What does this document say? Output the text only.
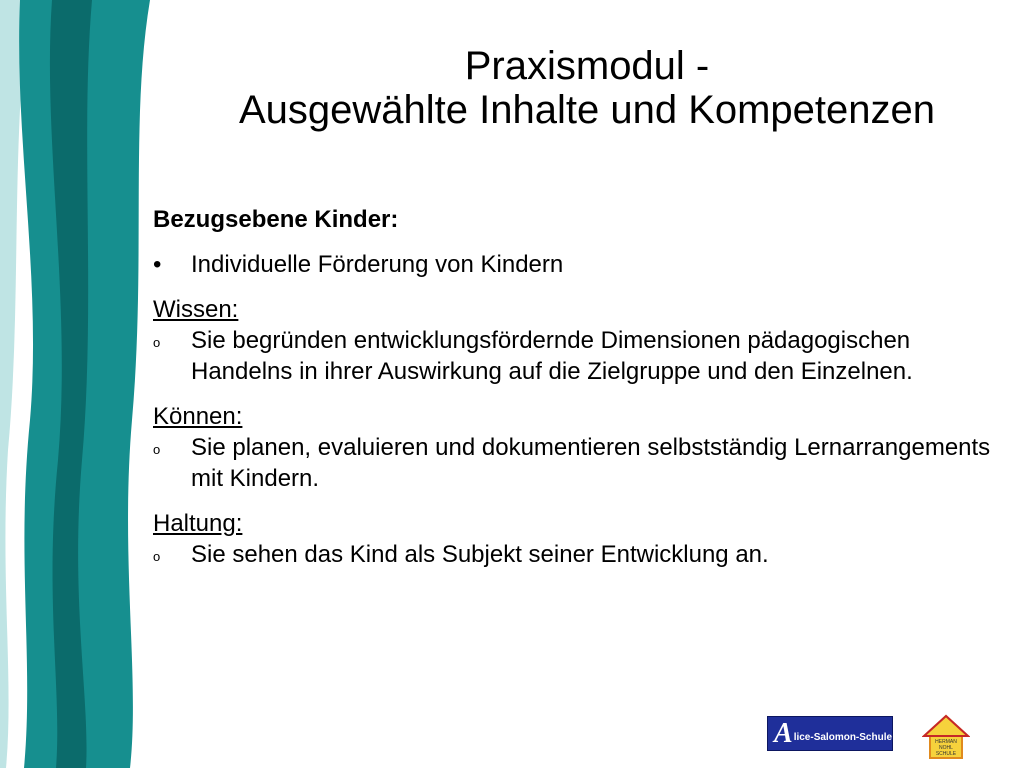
Praxismodul -
Ausgewählte Inhalte und Kompetenzen
Bezugsebene Kinder:
•	Individuelle Förderung von Kindern
Wissen:
o	Sie begründen entwicklungsfördernde Dimensionen pädagogischen Handelns in ihrer Auswirkung auf die Zielgruppe und den Einzelnen.
Können:
o	Sie planen, evaluieren und dokumentieren selbstständig Lernarrangements mit Kindern.
Haltung:
o	Sie sehen das Kind als Subjekt seiner Entwicklung an.
A lice-Salomon-Schule	HERMAN
NOHL
SCHULE
